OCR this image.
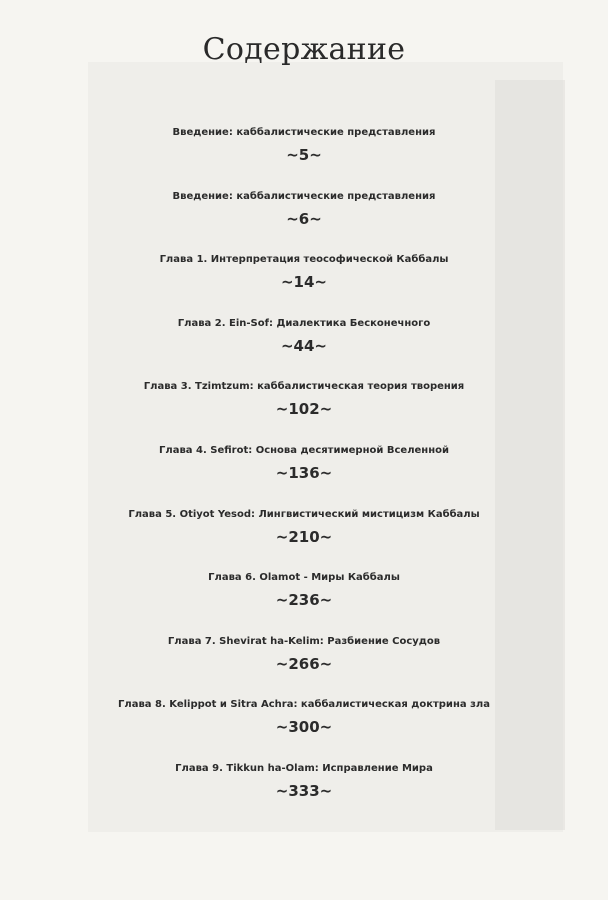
Содержание
Введение: каббалистические представления
~5~
Введение: каббалистические представления
~6~
Глава 1. Интерпретация теософической Каббалы
~14~
Глава 2. Ein-Sof: Диалектика Бесконечного
~44~
Глава 3. Tzimtzum: каббалистическая теория творения
~102~
Глава 4. Sefirot: Основа десятимерной Вселенной
~136~
Глава 5. Otiyot Yesod: Лингвистический мистицизм Каббалы
~210~
Глава 6. Olamot - Миры Каббалы
~236~
Глава 7. Shevirat ha-Kelim: Разбиение Сосудов
~266~
Глава 8. Kelippot и Sitra Achra: каббалистическая доктрина зла
~300~
Глава 9. Tikkun ha-Olam: Исправление Мира
~333~
